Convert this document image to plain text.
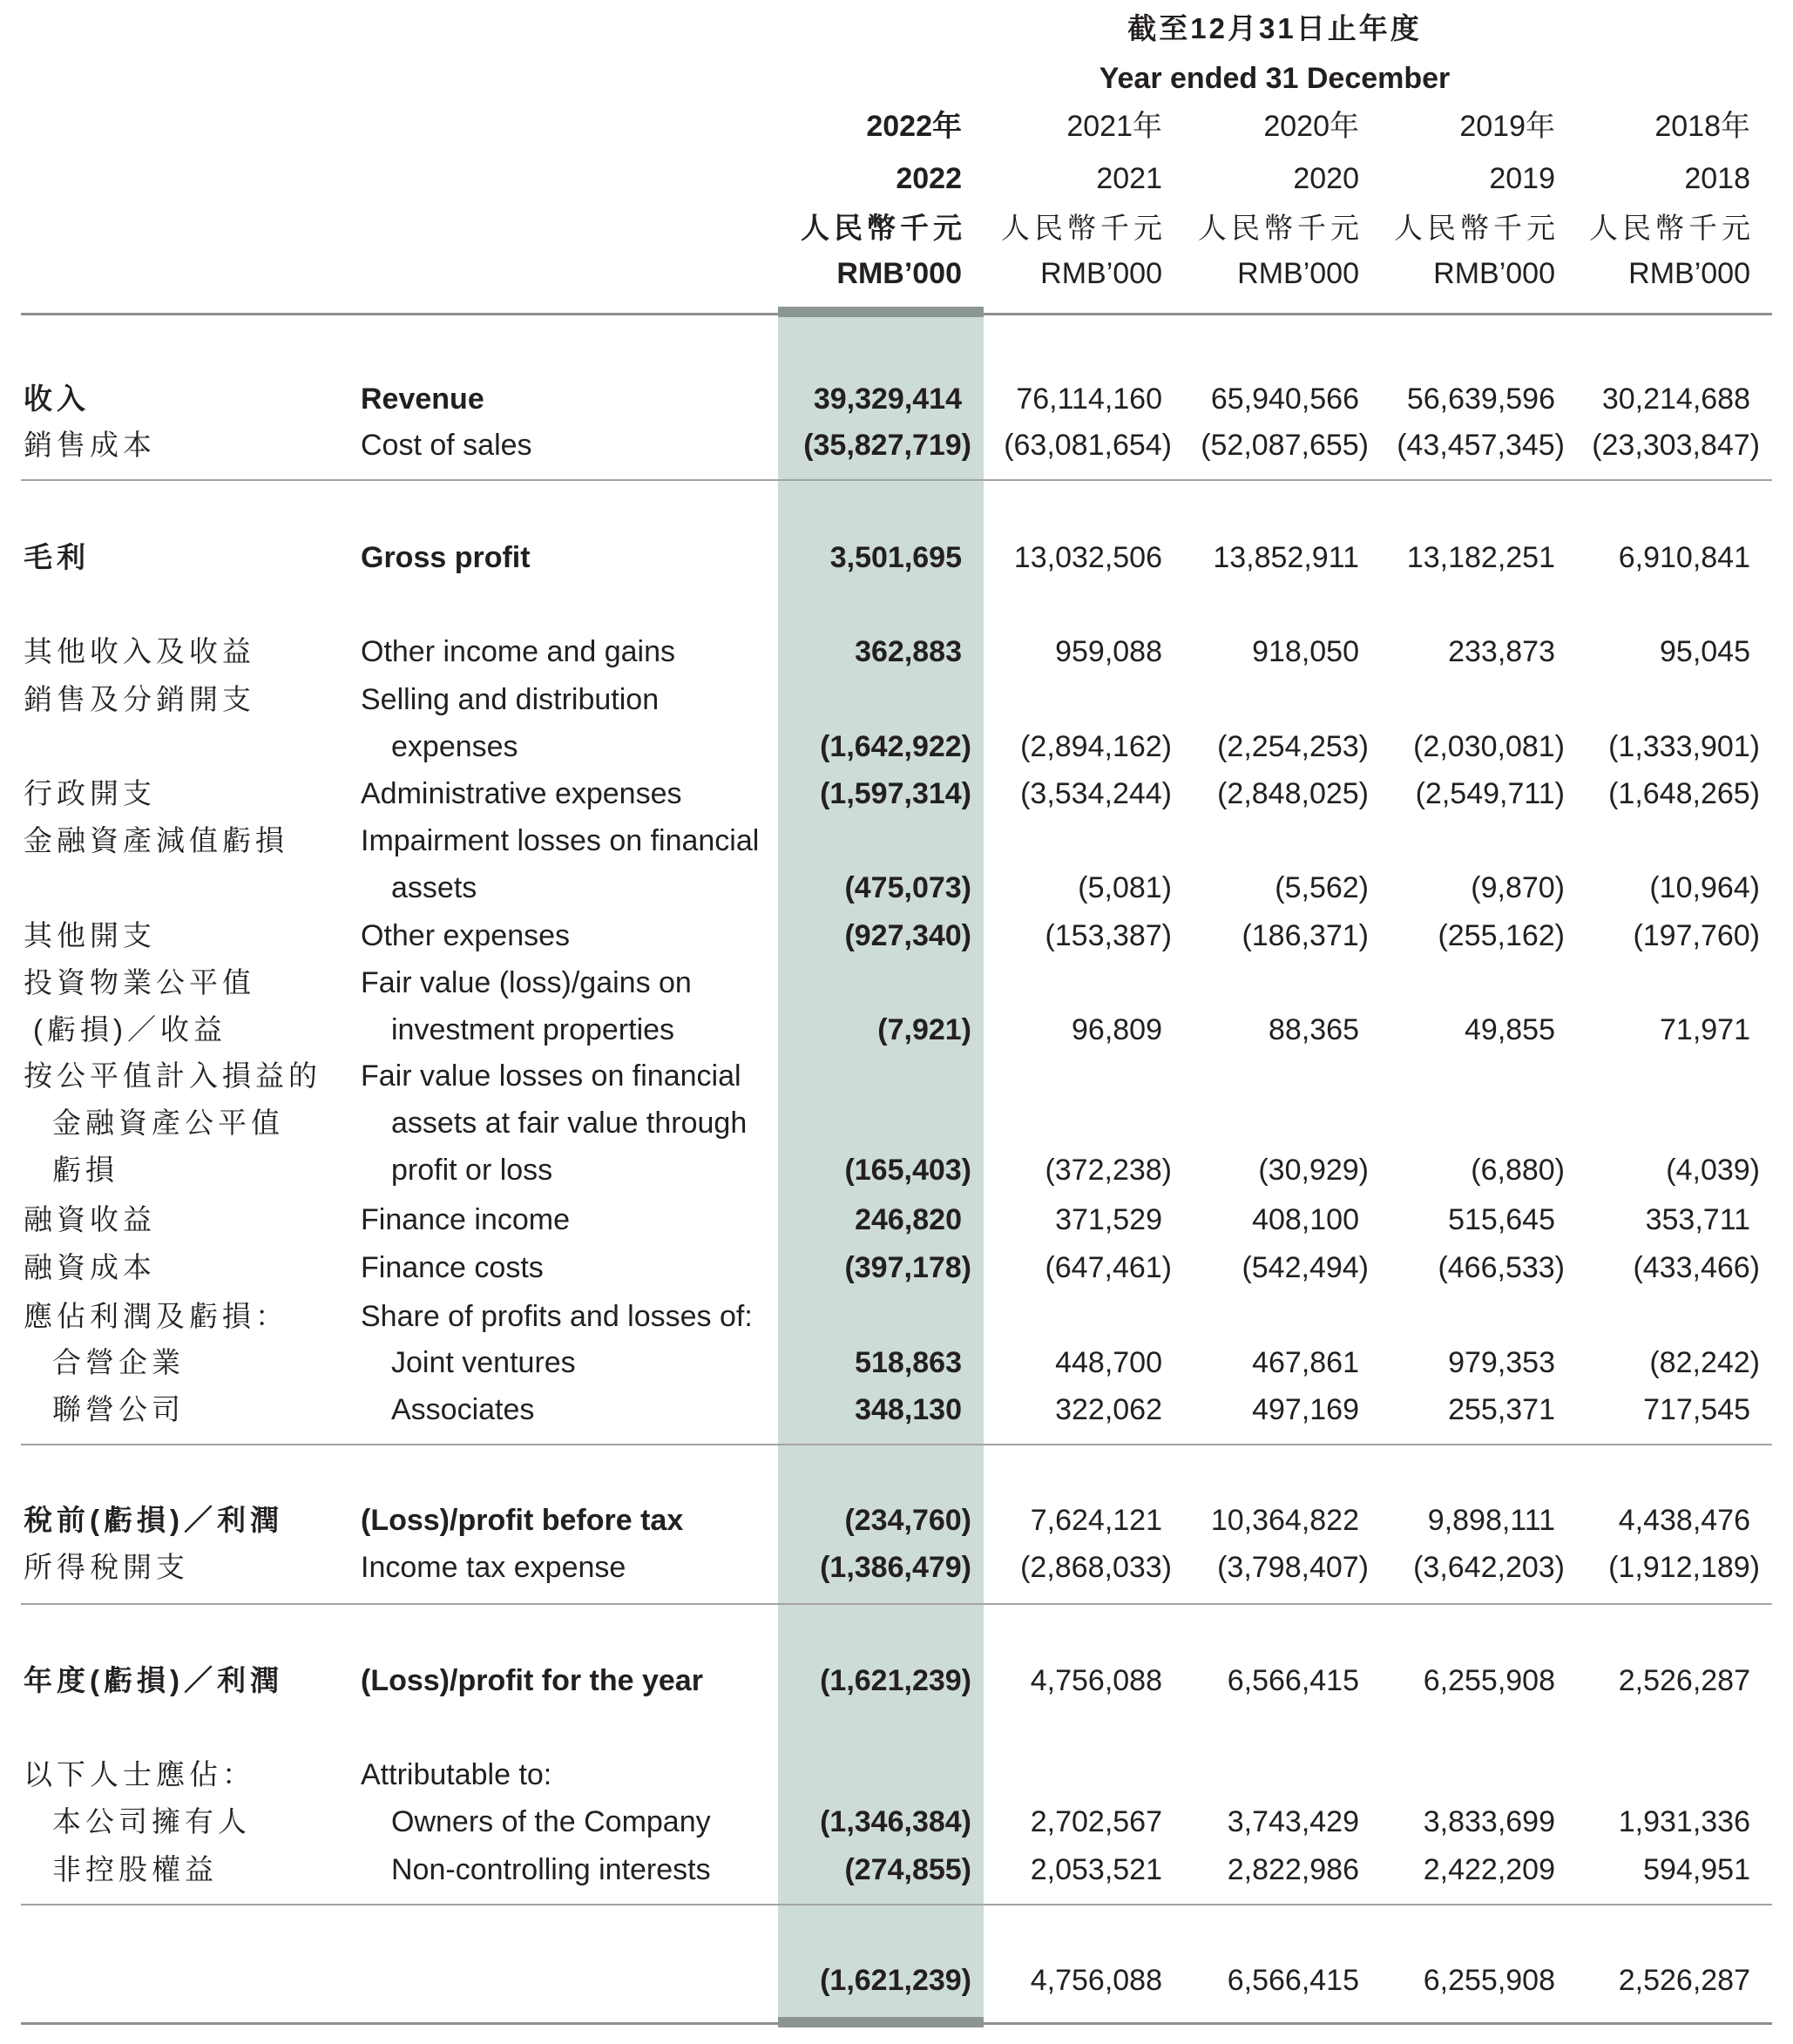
截至12月31日止年度
Year ended 31 December
2022年	2021年	2020年	2019年	2018年
2022	2021	2020	2019	2018
人民幣千元 人民幣千元 人民幣千元 人民幣千元 人民幣千元
RMB’000	RMB’000	RMB’000	RMB’000 RMB’000
收入	Revenue	39,329,414 76,114,160 65,940,566 56,639,596 30,214,688
銷售成本	Cost of sales	(35,827,719) (63,081,654) (52,087,655) (43,457,345) (23,303,847)
毛利	Gross profit	3,501,695 13,032,506 13,852,911 13,182,251 6,910,841
其他收入及收益	Other income and gains	362,883	959,088	918,050	233,873	95,045
銷售及分銷開支	Selling and distribution
expenses	(1,642,922) (2,894,162) (2,254,253) (2,030,081) (1,333,901)
行政開支	Administrative expenses	(1,597,314) (3,534,244) (2,848,025) (2,549,711) (1,648,265)
金融資產減值虧損 Impairment losses on financial
assets	(475,073)	(5,081)	(5,562)	(9,870)	(10,964)
其他開支	Other expenses	(927,340) (153,387) (186,371) (255,162) (197,760)
投資物業公平值
(虧損)／收益
Fair value (loss)/gains on
investment properties	(7,921)	96,809	88,365	49,855	71,971
按公平值計入損益的
金融資產公平值
虧損
Fair value losses on financial
assets at fair value through
profit or loss	(165,403) (372,238)	(30,929)	(6,880)	(4,039)
融資收益	Finance income	246,820	371,529	408,100	515,645	353,711
融資成本	Finance costs	(397,178) (647,461) (542,494) (466,533) (433,466)
應佔利潤及虧損： Share of profits and losses of:
合營企業	Joint ventures	518,863	448,700	467,861	979,353	(82,242)
聯營公司	Associates	348,130	322,062	497,169	255,371	717,545
稅前(虧損)／利潤	(Loss)/profit before tax	(234,760) 7,624,121 10,364,822 9,898,111 4,438,476
所得稅開支	Income tax expense	(1,386,479) (2,868,033) (3,798,407) (3,642,203) (1,912,189)
年度(虧損)／利潤	(Loss)/profit for the year	(1,621,239) 4,756,088 6,566,415 6,255,908 2,526,287
以下人士應佔：	Attributable to:
本公司擁有人	Owners of the Company	(1,346,384) 2,702,567 3,743,429 3,833,699 1,931,336
非控股權益	Non-controlling interests	(274,855) 2,053,521 2,822,986 2,422,209	594,951
(1,621,239) 4,756,088 6,566,415 6,255,908 2,526,287
